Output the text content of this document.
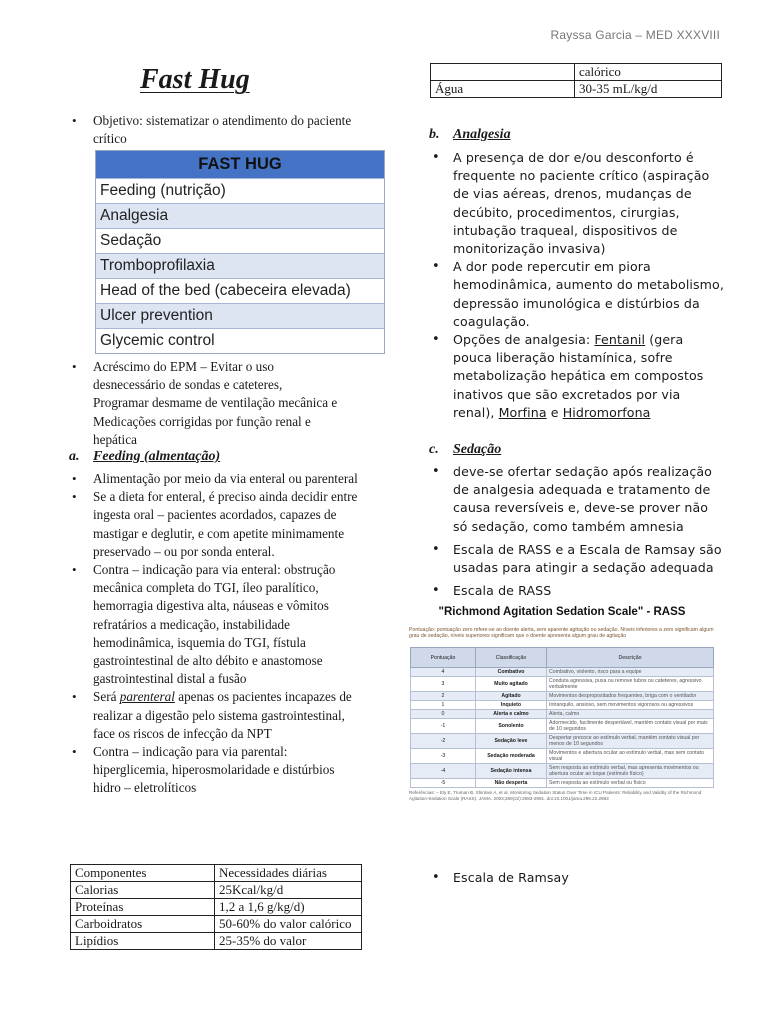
Rayssa Garcia – MED XXXVIII
Fast Hug
• Objetivo: sistematizar o atendimento do paciente crítico
FAST HUG
Feeding (nutrição)
Analgesia
Sedação
Tromboprofilaxia
Head of the bed (cabeceira elevada)
Ulcer prevention
Glycemic control
• Acréscimo do EPM – Evitar o uso desnecessário de sondas e cateteres, Programar desmame de ventilação mecânica e Medicações corrigidas por função renal e hepática
a. Feeding (almentação)
• Alimentação por meio da via enteral ou parenteral
• Se a dieta for enteral, é preciso ainda decidir entre ingesta oral – pacientes acordados, capazes de mastigar e deglutir, e com apetite minimamente preservado – ou por sonda enteral.
• Contra – indicação para via enteral: obstrução mecânica completa do TGI, íleo paralítico, hemorragia digestiva alta, náuseas e vômitos refratários a medicação, instabilidade hemodinâmica, isquemia do TGI, fístula gastrointestinal de alto débito e anastomose gastrointestinal distal a fusão
• Será parenteral apenas os pacientes incapazes de realizar a digestão pelo sistema gastrointestinal, face os riscos de infecção da NPT
• Contra – indicação para via parental: hiperglicemia, hiperosmolaridade e distúrbios hidro – eletrolíticos
Componentes	Necessidades diárias
Calorias	25Kcal/kg/d
Proteínas	1,2 a 1,6 g/kg/d)
Carboidratos	50-60% do valor calórico
Lipídios	25-35% do valor
	calórico
Água	30-35 mL/kg/d
b. Analgesia
• A presença de dor e/ou desconforto é frequente no paciente crítico (aspiração de vias aéreas, drenos, mudanças de decúbito, procedimentos, cirurgias, intubação traqueal, dispositivos de monitorização invasiva)
• A dor pode repercutir em piora hemodinâmica, aumento do metabolismo, depressão imunológica e distúrbios da coagulação.
• Opções de analgesia: Fentanil (gera pouca liberação histamínica, sofre metabolização hepática em compostos inativos que são excretados por via renal), Morfina e Hidromorfona
c. Sedação
• deve-se ofertar sedação após realização de analgesia adequada e tratamento de causa reversíveis e, deve-se prover não só sedação, como também amnesia
• Escala de RASS e a Escala de Ramsay são usadas para atingir a sedação adequada
• Escala de RASS
"Richmond Agitation Sedation Scale" - RASS
Pontuação: pontuação zero refere-se ao doente alerta, sem aparente agitação ou sedação. Níveis inferiores a zero significam algum grau de sedação, níveis superiores significam que o doente apresenta algum grau de agitação
Pontuação	Classificação	Descrição
4	Combativo	Combativo, violento, risco para a equipe
3	Muito agitado	Conduta agressiva, puxa ou remove tubos ou cateteres, agressivo verbalmente
2	Agitado	Movimentos despropositados frequentes, briga com o ventilador
1	Inquieto	Intranquilo, ansioso, sem movimentos vigorosos ou agressivos
0	Alerta e calmo	Alerta, calmo
-1	Sonolento	Adormecido, facilmente despertável, mantém contato visual por mais de 10 segundos
-2	Sedação leve	Despertar precoce ao estímulo verbal, mantém contato visual por menos de 10 segundos
-3	Sedação moderada	Movimentos e abertura ocular ao estímulo verbal, mas sem contato visual
-4	Sedação intensa	Sem resposta ao estímulo verbal, mas apresenta movimentos ou abertura ocular ao toque (estímulo físico)
-5	Não desperta	Sem resposta ao estímulo verbal ou físico
Referências: – Ely E, Truman B, Shintani A, et al. Monitoring Sedation Status Over Time in ICU Patients: Reliability and Validity of the Richmond Agitation-Sedation Scale (RASS). JAMA. 2003;289(22):2983-2991. doi:10.1001/jama.289.22.2983
• Escala de Ramsay
